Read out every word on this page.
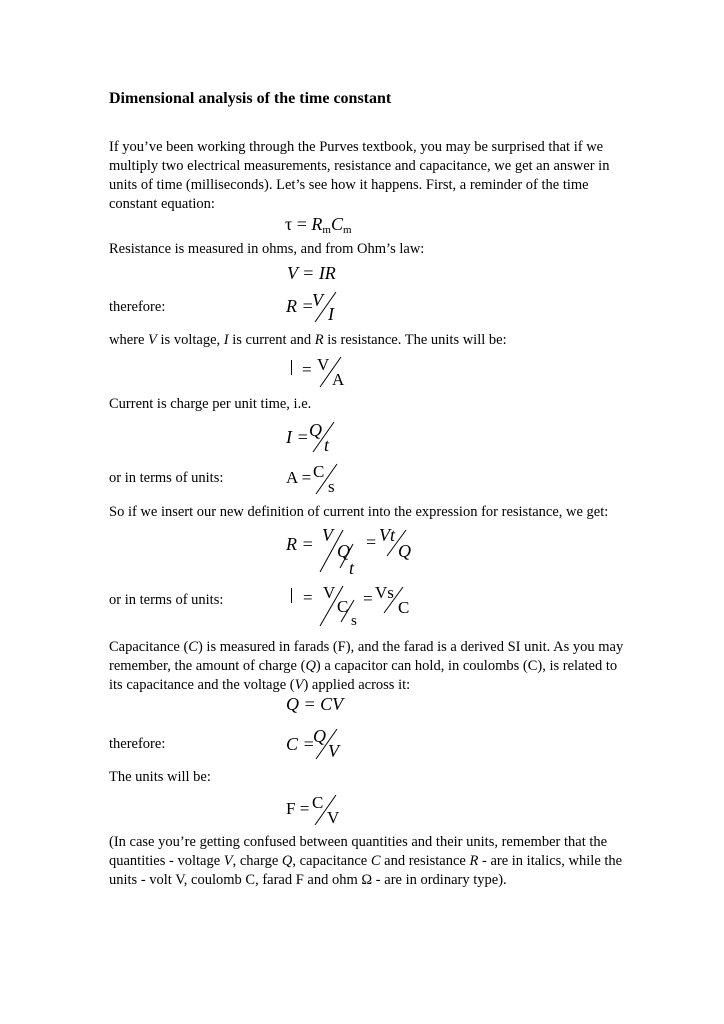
Dimensional analysis of the time constant
If you’ve been working through the Purves textbook, you may be surprised that if we multiply two electrical measurements, resistance and capacitance, we get an answer in units of time (milliseconds). Let’s see how it happens. First, a reminder of the time constant equation:
$\tau = R_mC_m$
Resistance is measured in ohms, and from Ohm’s law:
V = IR
therefore:	R =
V
I
where V is voltage, I is current and R is resistance. The units will be:
= V
A
Current is charge per unit time, i.e.
I = Q
t
or in terms of units:	A = C
s
So if we insert our new definition of current into the expression for resistance, we get:
R = V
Q
t
= Vt
Q
or in terms of units:	= V
C
s
= Vs
C
Capacitance (C) is measured in farads (F), and the farad is a derived SI unit. As you may remember, the amount of charge (Q) a capacitor can hold, in coulombs (C), is related to its capacitance and the voltage (V) applied across it:
Q = CV
therefore:	C =
Q
V
The units will be:
F = C
V
(In case you’re getting confused between quantities and their units, remember that the quantities - voltage V, charge Q, capacitance C and resistance R - are in italics, while the units - volt V, coulomb C, farad F and ohm Ω - are in ordinary type).
